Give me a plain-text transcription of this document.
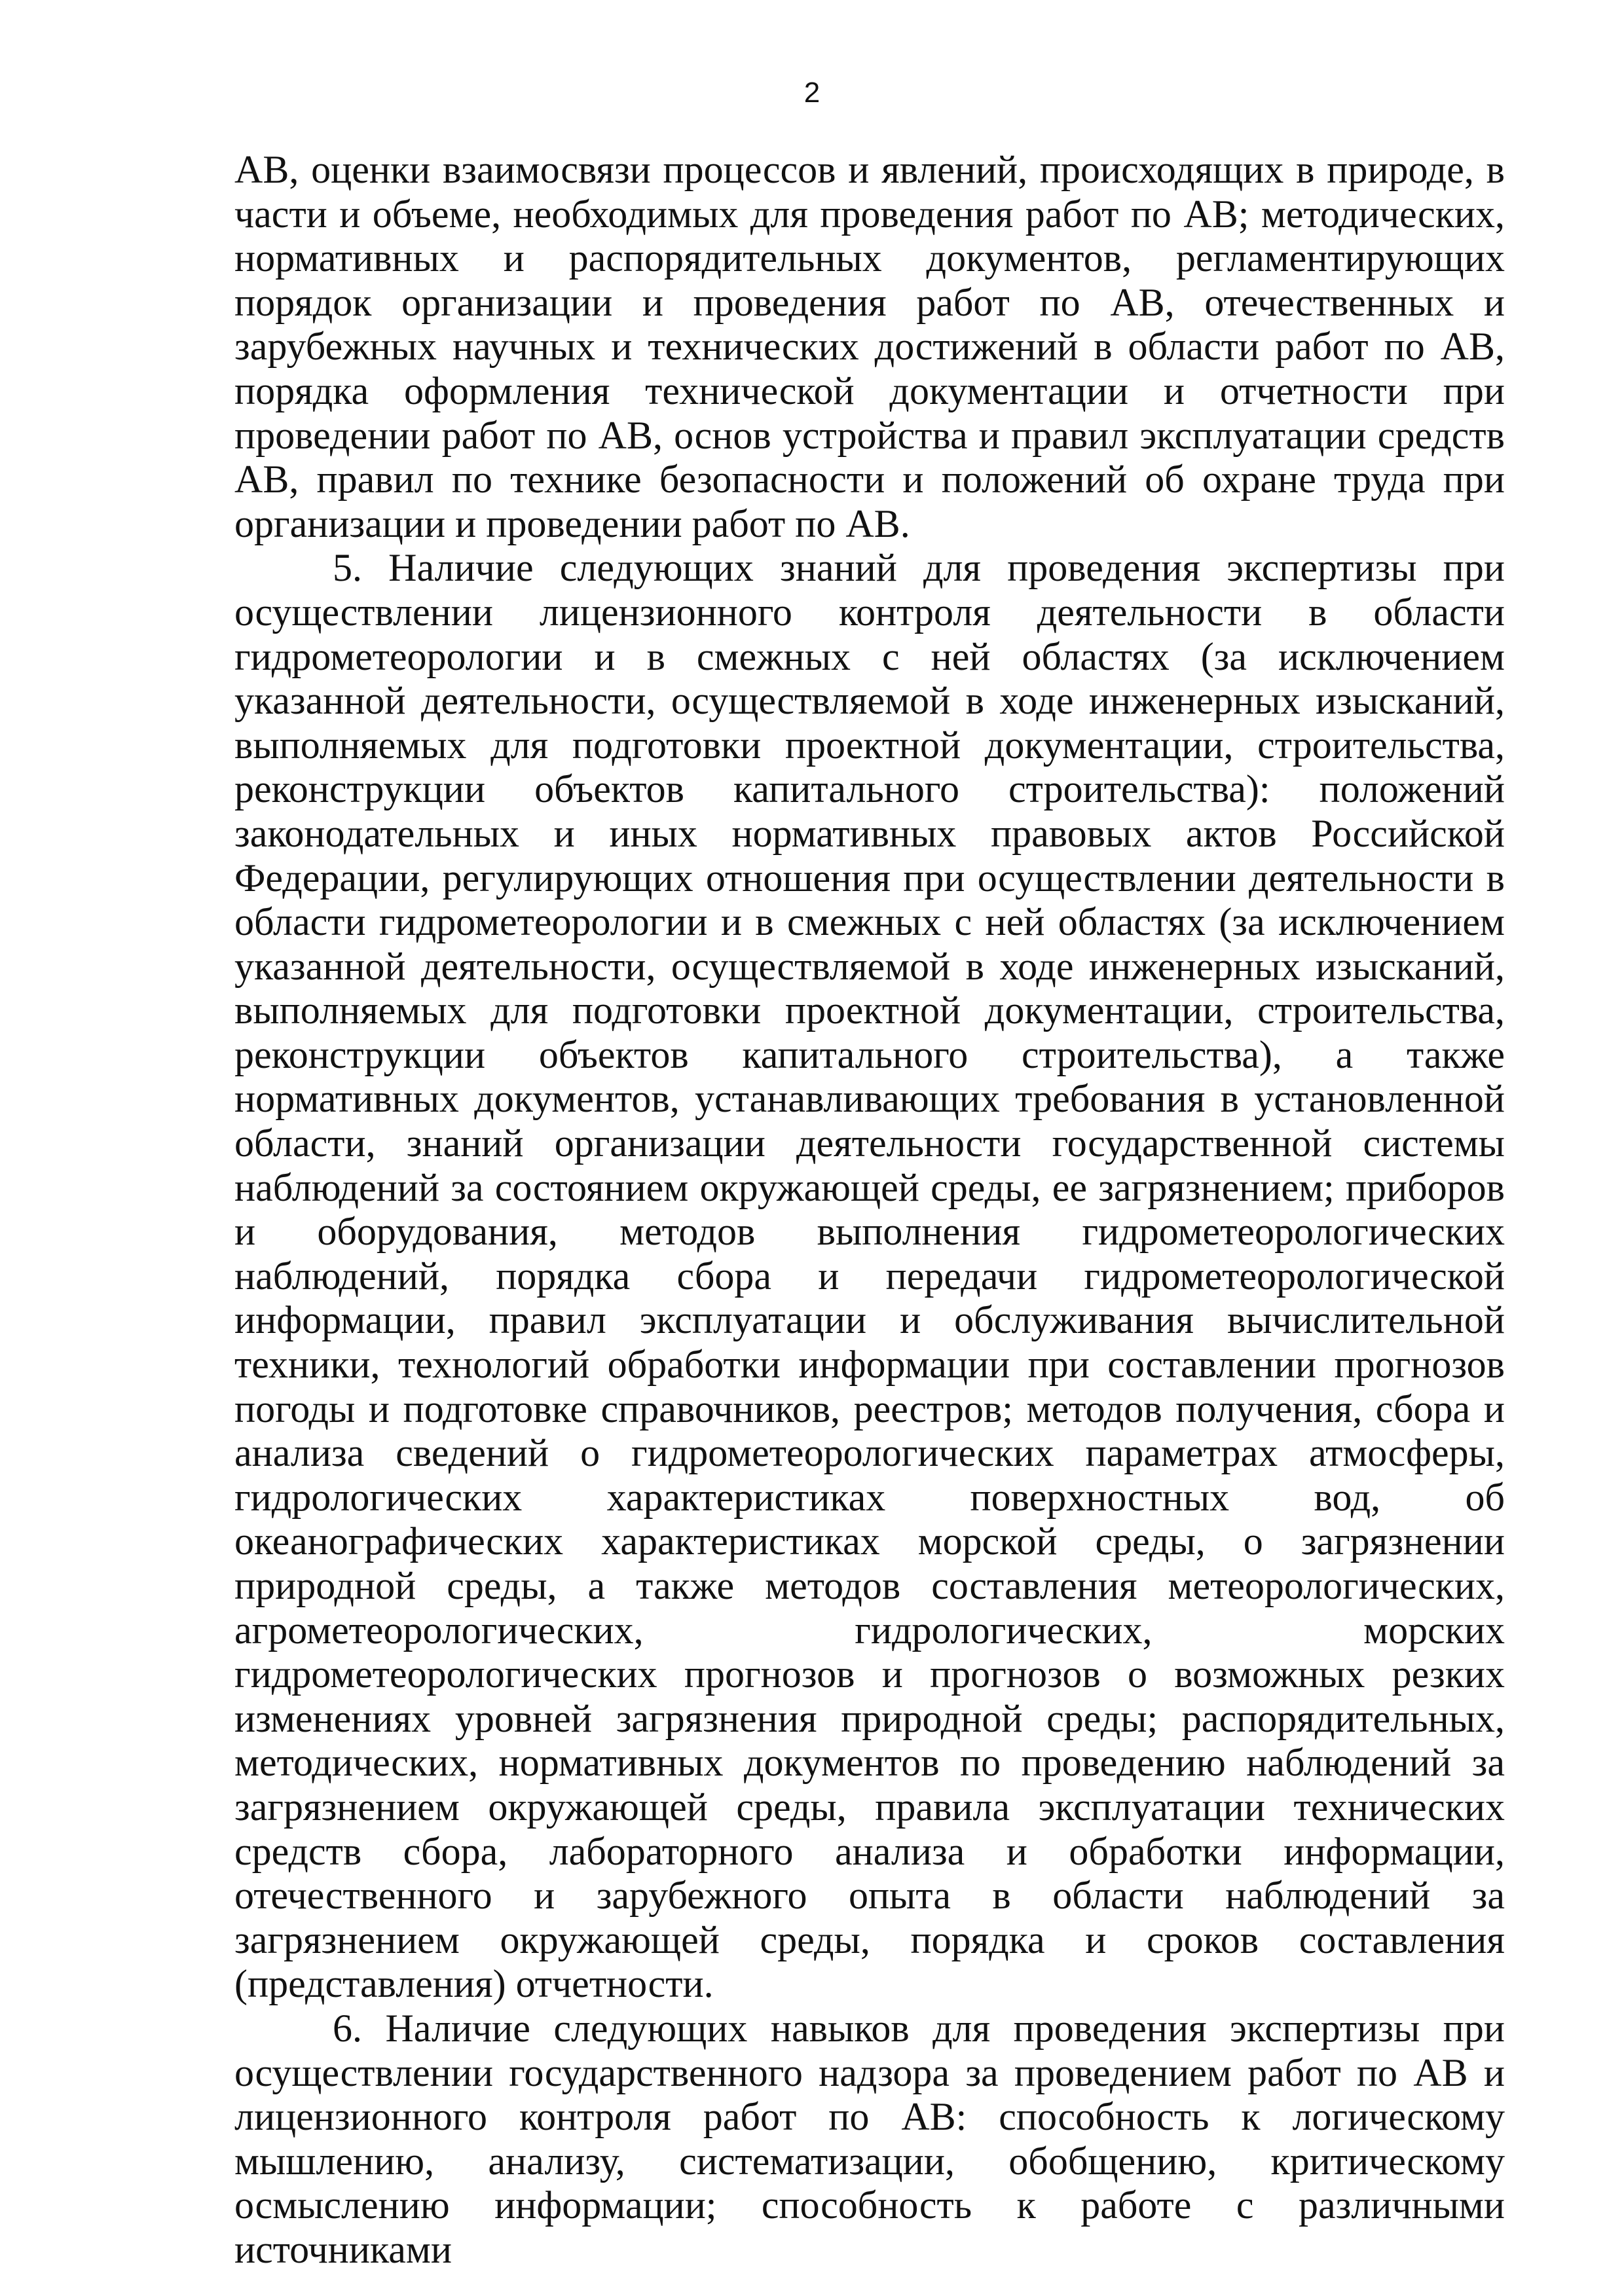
2

АВ, оценки взаимосвязи процессов и явлений, происходящих в природе, в части и объеме, необходимых для проведения работ по АВ; методических, нормативных и распорядительных документов, регламентирующих порядок организации и проведения работ по АВ, отечественных и зарубежных научных и технических достижений в области работ по АВ, порядка оформления технической документации и отчетности при проведении работ по АВ, основ устройства и правил эксплуатации средств АВ, правил по технике безопасности и положений об охране труда при организации и проведении работ по АВ.

5. Наличие следующих знаний для проведения экспертизы при осуществлении лицензионного контроля деятельности в области гидрометеорологии и в смежных с ней областях (за исключением указанной деятельности, осуществляемой в ходе инженерных изысканий, выполняемых для подготовки проектной документации, строительства, реконструкции объектов капитального строительства): положений законодательных и иных нормативных правовых актов Российской Федерации, регулирующих отношения при осуществлении деятельности в области гидрометеорологии и в смежных с ней областях (за исключением указанной деятельности, осуществляемой в ходе инженерных изысканий, выполняемых для подготовки проектной документации, строительства, реконструкции объектов капитального строительства), а также нормативных документов, устанавливающих требования в установленной области, знаний организации деятельности государственной системы наблюдений за состоянием окружающей среды, ее загрязнением; приборов и оборудования, методов выполнения гидрометеорологических наблюдений, порядка сбора и передачи гидрометеорологической информации, правил эксплуатации и обслуживания вычислительной техники, технологий обработки информации при составлении прогнозов погоды и подготовке справочников, реестров; методов получения, сбора и анализа сведений о гидрометеорологических параметрах атмосферы, гидрологических характеристиках поверхностных вод, об океанографических характеристиках морской среды, о загрязнении природной среды, а также методов составления метеорологических, агрометеорологических, гидрологических, морских гидрометеорологических прогнозов и прогнозов о возможных резких изменениях уровней загрязнения природной среды; распорядительных, методических, нормативных документов по проведению наблюдений за загрязнением окружающей среды, правила эксплуатации технических средств сбора, лабораторного анализа и обработки информации, отечественного и зарубежного опыта в области наблюдений за загрязнением окружающей среды, порядка и сроков составления (представления) отчетности.

6. Наличие следующих навыков для проведения экспертизы при осуществлении государственного надзора за проведением работ по АВ и лицензионного контроля работ по АВ: способность к логическому мышлению, анализу, систематизации, обобщению, критическому осмыслению информации; способность к работе с различными источниками
